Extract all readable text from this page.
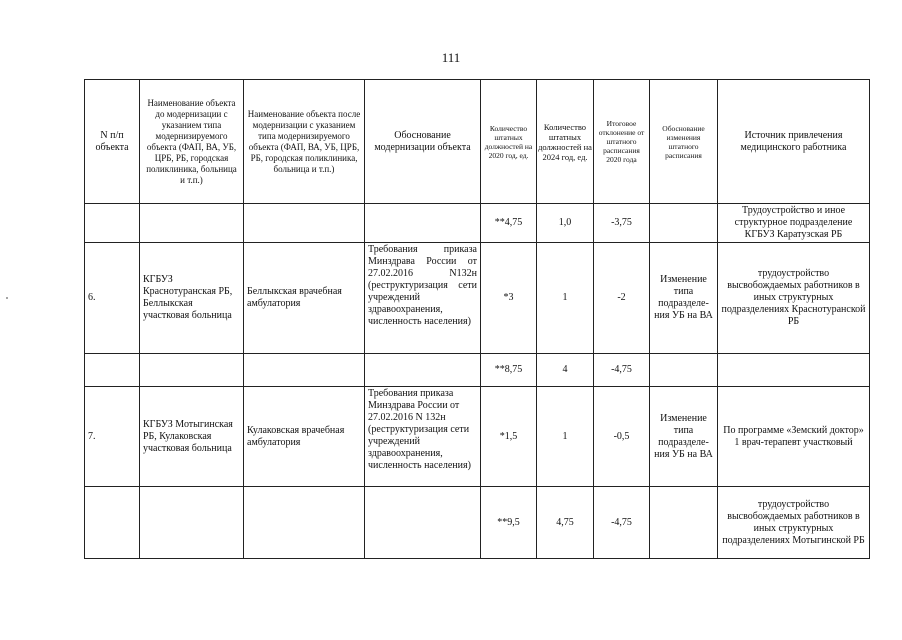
111
N п/п объекта	Наименование объекта до модернизации с указанием типа модернизируемого объекта (ФАП, ВА, УБ, ЦРБ, РБ, городская поликлиника, больница и т.п.)	Наименование объекта после модернизации с указанием типа модернизируемого объекта (ФАП, ВА, УБ, ЦРБ, РБ, городская поликлиника, больница и т.п.)	Обоснование модернизации объекта	Количество штатных должностей на 2020 год, ед.	Количество штатных должностей на 2024 год, ед.	Итоговое отклонение от штатного расписания 2020 года	Обоснование изменения штатного расписания	Источник привлечения медицинского работника
				**4,75	1,0	-3,75		Трудоустройство и иное структурное подразделение КГБУЗ Каратузская РБ
6.	КГБУЗ Краснотуранская РБ, Беллыкская участковая больница	Беллыкская врачебная амбулатория	Требования приказа Минздрава России от 27.02.2016 N132н (реструктуризация сети учреждений здравоохранения, численность населения)	*3	1	-2	Изменение типа подразделе-ния УБ на ВА	трудоустройство высвобождаемых работников в иных структурных подразделениях Краснотуранской РБ
				**8,75	4	-4,75		
7.	КГБУЗ Мотыгинская РБ, Кулаковская участковая больница	Кулаковская врачебная амбулатория	Требования приказа Минздрава России от 27.02.2016 N 132н (реструктуризация сети учреждений здравоохранения, численность населения)	*1,5	1	-0,5	Изменение типа подразделе-ния УБ на ВА	По программе «Земский доктор» 1 врач-терапевт участковый
				**9,5	4,75	-4,75		трудоустройство высвобождаемых работников в иных структурных подразделениях Мотыгинской РБ
